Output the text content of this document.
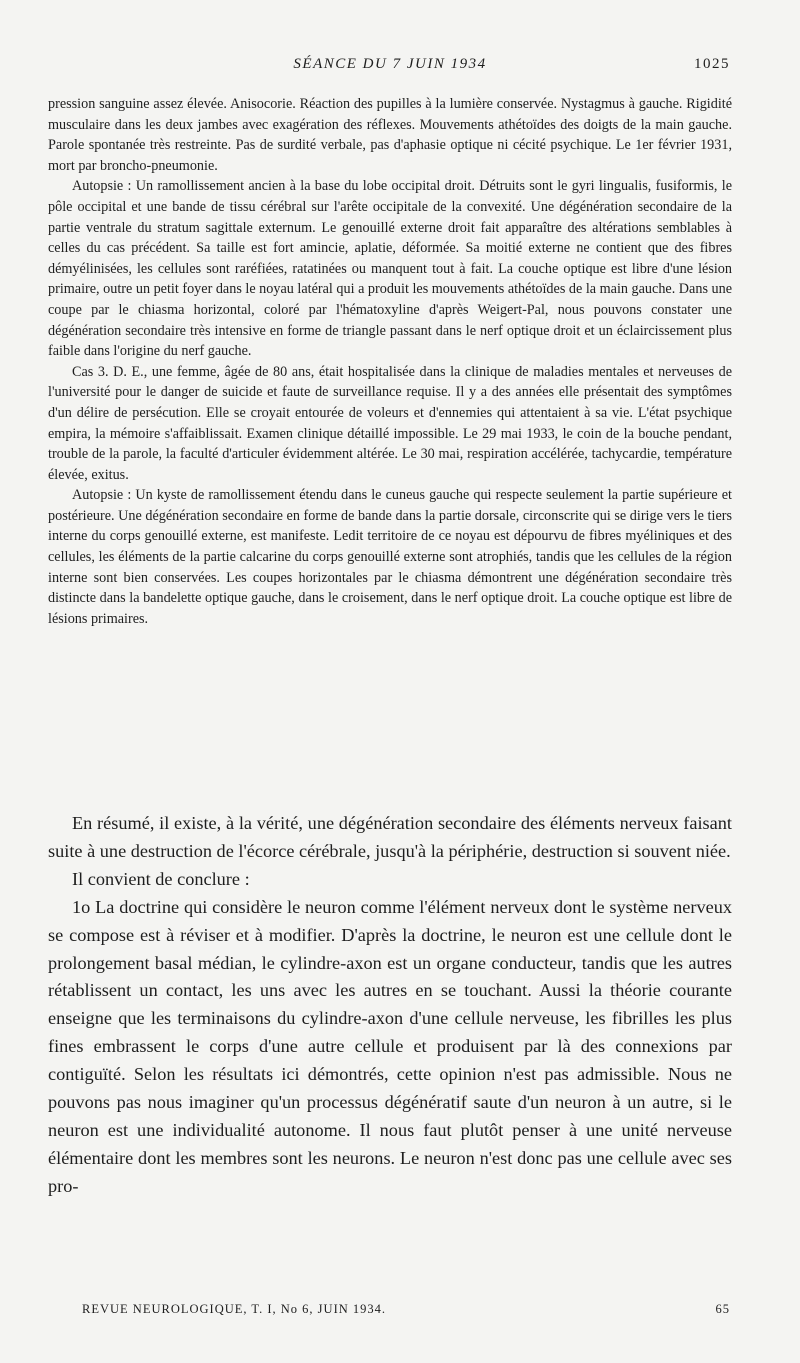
SÉANCE DU 7 JUIN 1934	1025

pression sanguine assez élevée. Anisocorie. Réaction des pupilles à la lumière conservée. Nystagmus à gauche. Rigidité musculaire dans les deux jambes avec exagération des réflexes. Mouvements athétoïdes des doigts de la main gauche. Parole spontanée très restreinte. Pas de surdité verbale, pas d'aphasie optique ni cécité psychique. Le 1er février 1931, mort par broncho-pneumonie.

Autopsie : Un ramollissement ancien à la base du lobe occipital droit. Détruits sont le gyri lingualis, fusiformis, le pôle occipital et une bande de tissu cérébral sur l'arête occipitale de la convexité. Une dégénération secondaire de la partie ventrale du stratum sagittale externum. Le genouillé externe droit fait apparaître des altérations semblables à celles du cas précédent. Sa taille est fort amincie, aplatie, déformée. Sa moitié externe ne contient que des fibres démyélinisées, les cellules sont raréfiées, ratatinées ou manquent tout à fait. La couche optique est libre d'une lésion primaire, outre un petit foyer dans le noyau latéral qui a produit les mouvements athétoïdes de la main gauche. Dans une coupe par le chiasma horizontal, coloré par l'hématoxyline d'après Weigert-Pal, nous pouvons constater une dégénération secondaire très intensive en forme de triangle passant dans le nerf optique droit et un éclaircissement plus faible dans l'origine du nerf gauche.

Cas 3. D. E., une femme, âgée de 80 ans, était hospitalisée dans la clinique de maladies mentales et nerveuses de l'université pour le danger de suicide et faute de surveillance requise. Il y a des années elle présentait des symptômes d'un délire de persécution. Elle se croyait entourée de voleurs et d'ennemies qui attentaient à sa vie. L'état psychique empira, la mémoire s'affaiblissait. Examen clinique détaillé impossible. Le 29 mai 1933, le coin de la bouche pendant, trouble de la parole, la faculté d'articuler évidemment altérée. Le 30 mai, respiration accélérée, tachycardie, température élevée, exitus.

Autopsie : Un kyste de ramollissement étendu dans le cuneus gauche qui respecte seulement la partie supérieure et postérieure. Une dégénération secondaire en forme de bande dans la partie dorsale, circonscrite qui se dirige vers le tiers interne du corps genouillé externe, est manifeste. Ledit territoire de ce noyau est dépourvu de fibres myéliniques et des cellules, les éléments de la partie calcarine du corps genouillé externe sont atrophiés, tandis que les cellules de la région interne sont bien conservées. Les coupes horizontales par le chiasma démontrent une dégénération secondaire très distincte dans la bandelette optique gauche, dans le croisement, dans le nerf optique droit. La couche optique est libre de lésions primaires.

En résumé, il existe, à la vérité, une dégénération secondaire des éléments nerveux faisant suite à une destruction de l'écorce cérébrale, jusqu'à la périphérie, destruction si souvent niée.

Il convient de conclure :

1o La doctrine qui considère le neuron comme l'élément nerveux dont le système nerveux se compose est à réviser et à modifier. D'après la doctrine, le neuron est une cellule dont le prolongement basal médian, le cylindre-axon est un organe conducteur, tandis que les autres rétablissent un contact, les uns avec les autres en se touchant. Aussi la théorie courante enseigne que les terminaisons du cylindre-axon d'une cellule nerveuse, les fibrilles les plus fines embrassent le corps d'une autre cellule et produisent par là des connexions par contiguïté. Selon les résultats ici démontrés, cette opinion n'est pas admissible. Nous ne pouvons pas nous imaginer qu'un processus dégénératif saute d'un neuron à un autre, si le neuron est une individualité autonome. Il nous faut plutôt penser à une unité nerveuse élémentaire dont les membres sont les neurons. Le neuron n'est donc pas une cellule avec ses pro-

REVUE NEUROLOGIQUE, T. I, No 6, JUIN 1934.	65
